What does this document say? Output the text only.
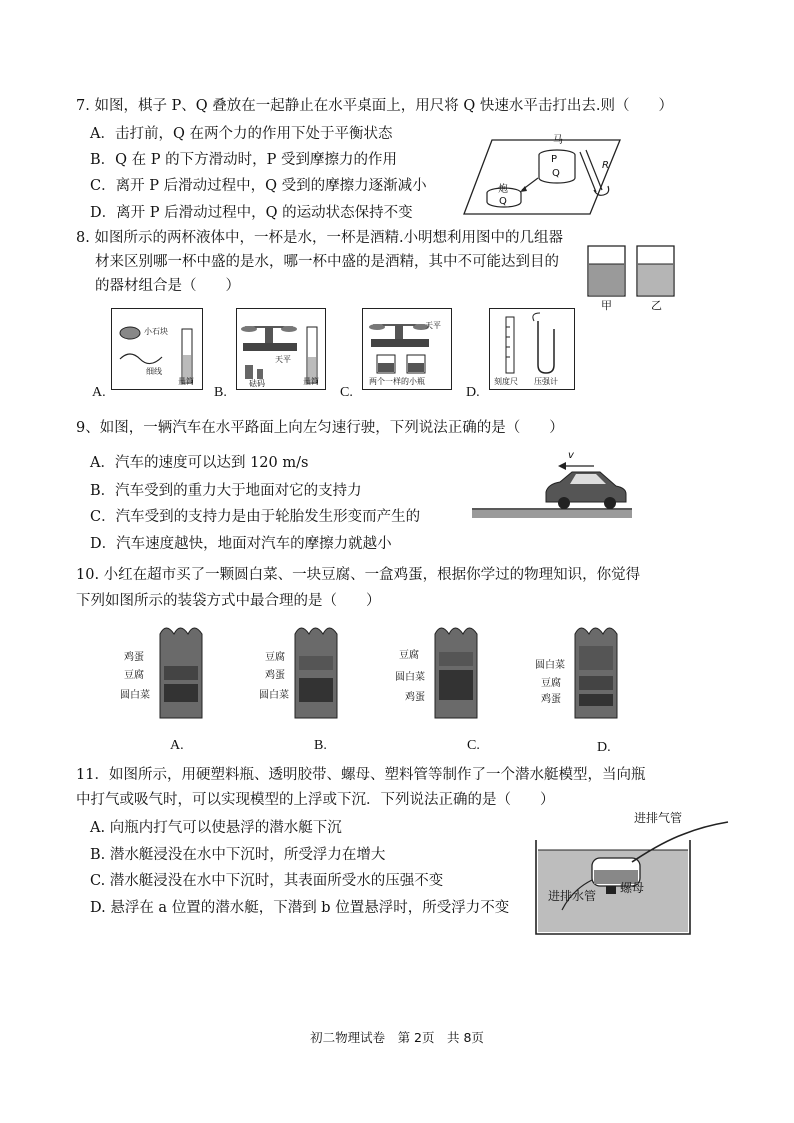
7. 如图，棋子 P、Q 叠放在一起静止在水平桌面上，用尺将 Q 快速水平击打出去.则（　　）
A．击打前，Q 在两个力的作用下处于平衡状态
B．Q 在 P 的下方滑动时，P 受到摩擦力的作用
C．离开 P 后滑动过程中，Q 受到的摩擦力逐渐减小
D．离开 P 后滑动过程中，Q 的运动状态保持不变
P
Q
马
炮
Q
R
8. 如图所示的两杯液体中，一杯是水，一杯是酒精.小明想利用图中的几组器
材来区别哪一杯中盛的是水，哪一杯中盛的是酒精，其中不可能达到目的
的器材组合是（　　）
甲	乙
A.
小石块
细线
量筒
B.
天平
砝码	量筒
C.
天平
两个一样的小瓶
D.
刻度尺 压强计
9、如图，一辆汽车在水平路面上向左匀速行驶，下列说法正确的是（　　）
A．汽车的速度可以达到 120 m/s
B．汽车受到的重力大于地面对它的支持力
C．汽车受到的支持力是由于轮胎发生形变而产生的
D．汽车速度越快，地面对汽车的摩擦力就越小
v
10. 小红在超市买了一颗圆白菜、一块豆腐、一盒鸡蛋，根据你学过的物理知识，你觉得
下列如图所示的装袋方式中最合理的是（　　）
鸡蛋
豆腐
圆白菜
A.
豆腐
鸡蛋
圆白菜
B.
豆腐
圆白菜
鸡蛋
C.
圆白菜
豆腐
鸡蛋
D.
11．如图所示，用硬塑料瓶、透明胶带、螺母、塑料管等制作了一个潜水艇模型，当向瓶
中打气或吸气时，可以实现模型的上浮或下沉．下列说法正确的是（　　）
A. 向瓶内打气可以使悬浮的潜水艇下沉
B. 潜水艇浸没在水中下沉时，所受浮力在增大
C. 潜水艇浸没在水中下沉时，其表面所受水的压强不变
D. 悬浮在 a 位置的潜水艇，下潜到 b 位置悬浮时，所受浮力不变
进排气管
进排水管
螺母
初二物理试卷　第 2页　共 8页
